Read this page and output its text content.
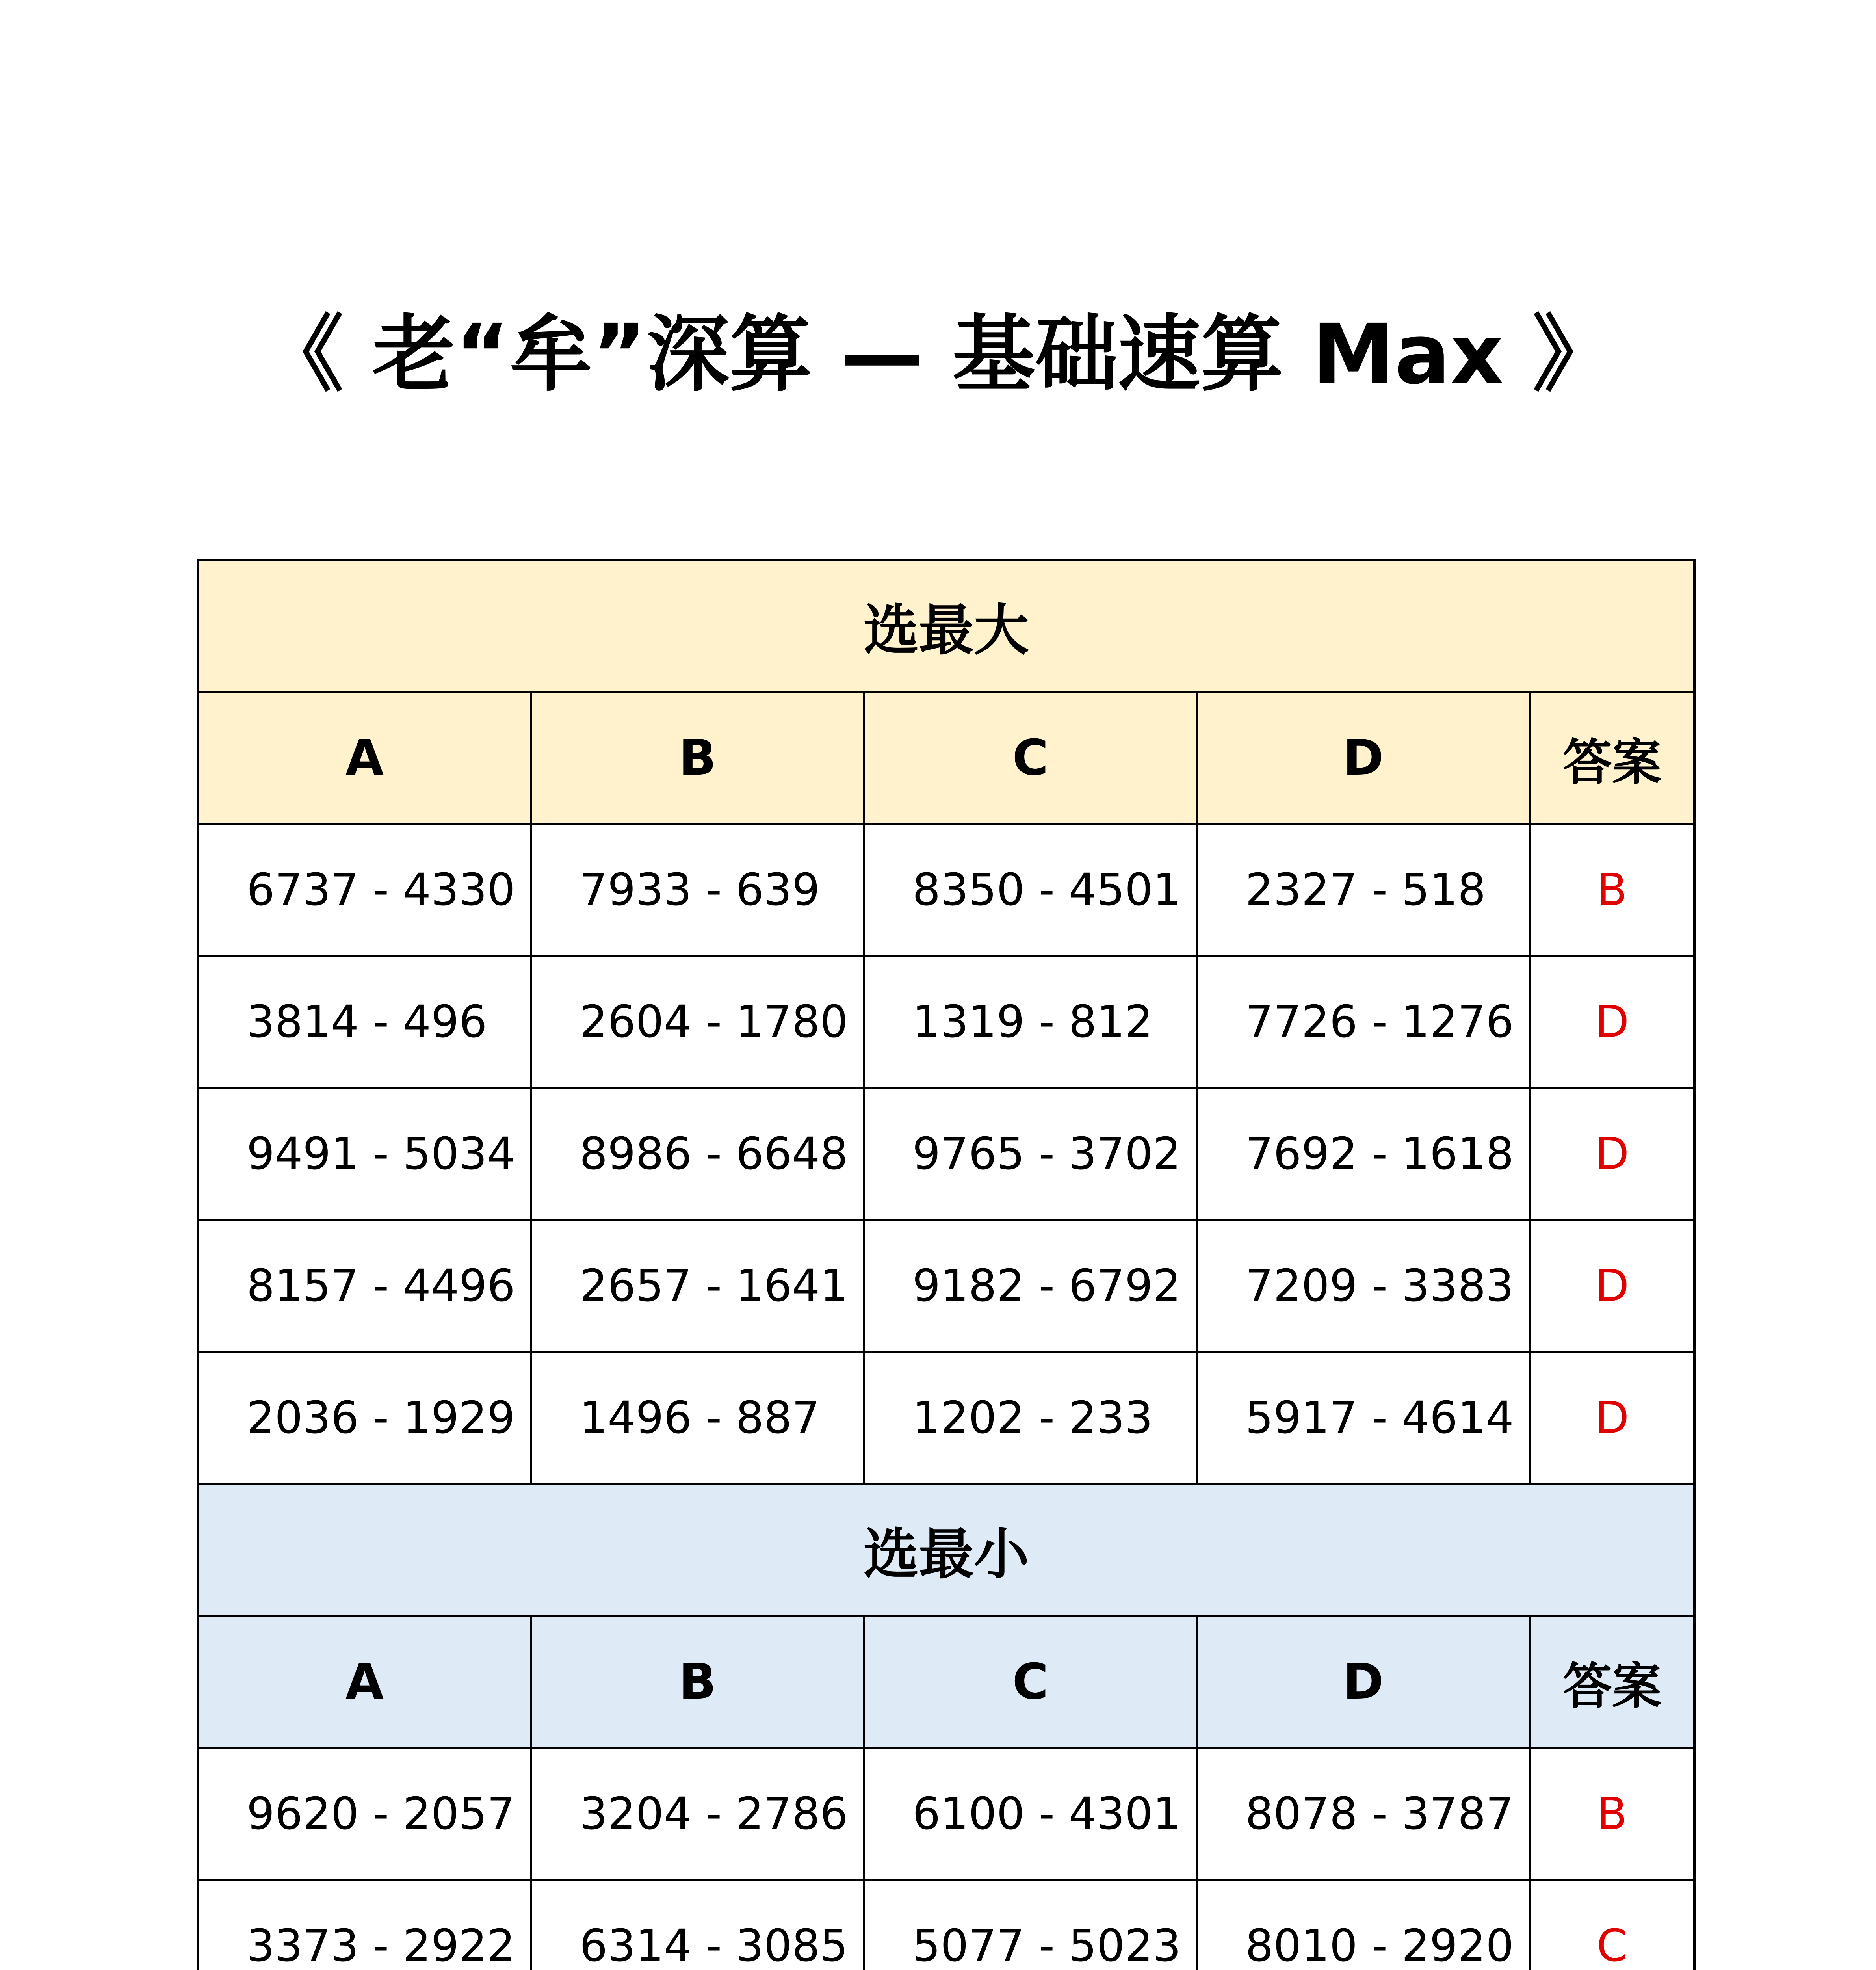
《 老“牟”深算 — 基础速算 Max 》
选最大				
A	B	C	D	答案
6737 - 4330	7933 - 639	8350 - 4501	2327 - 518	B
3814 - 496	2604 - 1780	1319 - 812	7726 - 1276	D
9491 - 5034	8986 - 6648	9765 - 3702	7692 - 1618	D
8157 - 4496	2657 - 1641	9182 - 6792	7209 - 3383	D
2036 - 1929	1496 - 887	1202 - 233	5917 - 4614	D
选最小				
A	B	C	D	答案
9620 - 2057	3204 - 2786	6100 - 4301	8078 - 3787	B
3373 - 2922	6314 - 3085	5077 - 5023	8010 - 2920	C
